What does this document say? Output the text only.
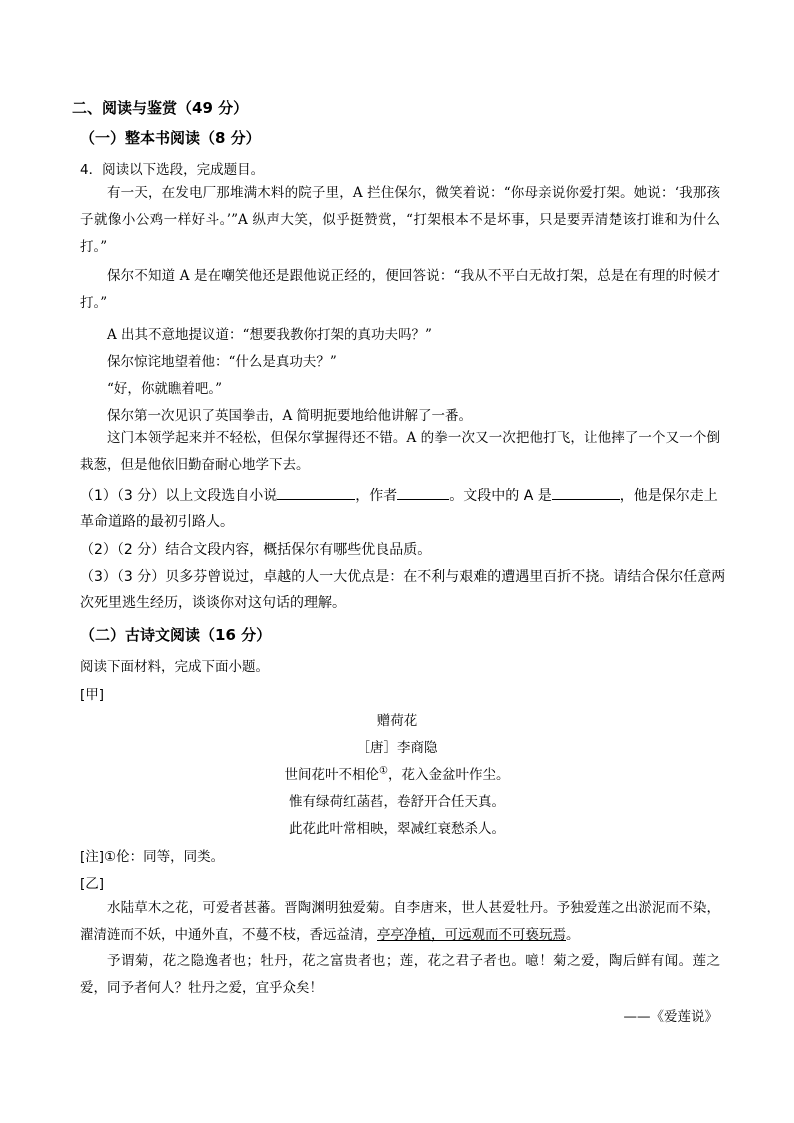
二、阅读与鉴赏（49 分）
（一）整本书阅读（8 分）
4．阅读以下选段，完成题目。
有一天，在发电厂那堆满木料的院子里，A 拦住保尔，微笑着说：“你母亲说你爱打架。她说：‘我那孩子就像小公鸡一样好斗。’”A 纵声大笑，似乎挺赞赏，“打架根本不是坏事，只是要弄清楚该打谁和为什么打。”
保尔不知道 A 是在嘲笑他还是跟他说正经的，便回答说：“我从不平白无故打架，总是在有理的时候才打。”
A 出其不意地提议道：“想要我教你打架的真功夫吗？”
保尔惊诧地望着他：“什么是真功夫？”
“好，你就瞧着吧。”
保尔第一次见识了英国拳击，A 简明扼要地给他讲解了一番。
这门本领学起来并不轻松，但保尔掌握得还不错。A 的拳一次又一次把他打飞，让他摔了一个又一个倒栽葱，但是他依旧勤奋耐心地学下去。
（1）（3 分）以上文段选自小说	，作者	。文段中的 A 是	，他是保尔走上革命道路的最初引路人。
（2）（2 分）结合文段内容，概括保尔有哪些优良品质。
（3）（3 分）贝多芬曾说过，卓越的人一大优点是：在不利与艰难的遭遇里百折不挠。请结合保尔任意两次死里逃生经历，谈谈你对这句话的理解。
（二）古诗文阅读（16 分）
阅读下面材料，完成下面小题。
[甲]
赠荷花
［唐］李商隐
世间花叶不相伦①，花入金盆叶作尘。
惟有绿荷红菡萏，卷舒开合任天真。
此花此叶常相映，翠减红衰愁杀人。
[注]①伦：同等，同类。
[乙]
水陆草木之花，可爱者甚蕃。晋陶渊明独爱菊。自李唐来，世人甚爱牡丹。予独爱莲之出淤泥而不染，濯清涟而不妖，中通外直，不蔓不枝，香远益清，亭亭净植，可远观而不可亵玩焉。
予谓菊，花之隐逸者也；牡丹，花之富贵者也；莲，花之君子者也。噫！菊之爱，陶后鲜有闻。莲之爱，同予者何人？牡丹之爱，宜乎众矣！
——《爱莲说》
